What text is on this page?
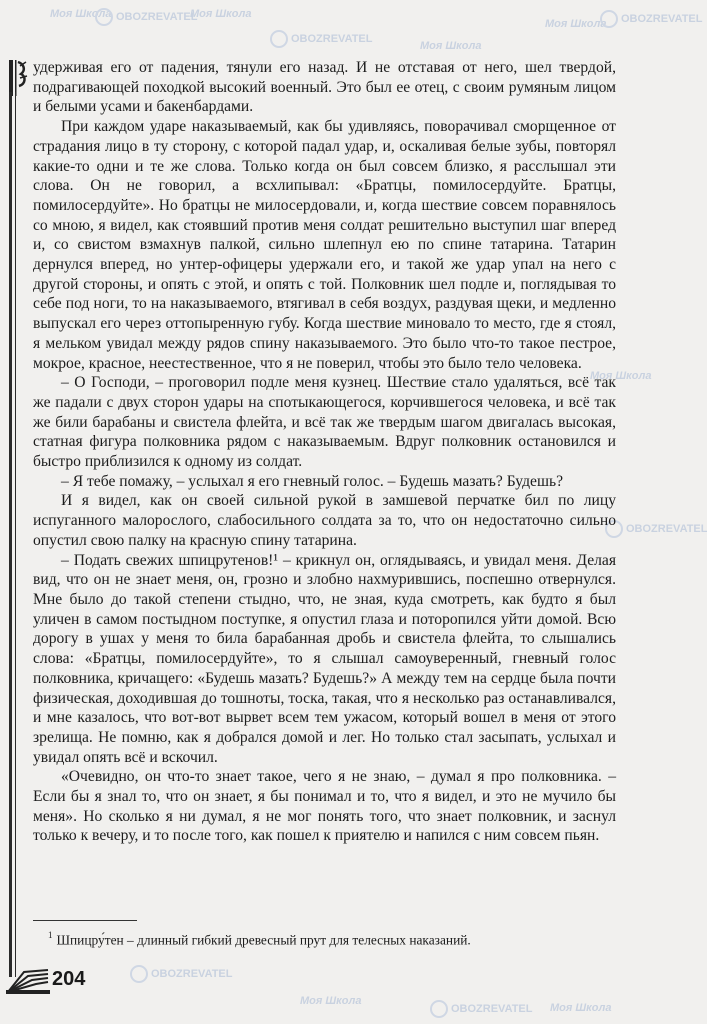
Моя Школа OBOZREVATEL
Моя Школа
OBOZREVATEL
Моя Школа
Моя Школа	OBOZREVATEL
Моя Школа
OBOZREVATEL
OBOZREVATEL
Моя Школа
OBOZREVATEL Моя Школа

удерживая его от падения, тянули его назад. И не отставая от него, шел твердой, подрагивающей походкой высокий военный. Это был ее отец, с своим румяным лицом и белыми усами и бакенбардами.

При каждом ударе наказываемый, как бы удивляясь, поворачивал сморщенное от страдания лицо в ту сторону, с которой падал удар, и, оскаливая белые зубы, повторял какие-то одни и те же слова. Только когда он был совсем близко, я расслышал эти слова. Он не говорил, а всхлипывал: «Братцы, помилосердуйте. Братцы, помилосердуйте». Но братцы не милосердовали, и, когда шествие совсем поравнялось со мною, я видел, как стоявший против меня солдат решительно выступил шаг вперед и, со свистом взмахнув палкой, сильно шлепнул ею по спине татарина. Татарин дернулся вперед, но унтер-офицеры удержали его, и такой же удар упал на него с другой стороны, и опять с этой, и опять с той. Полковник шел подле и, поглядывая то себе под ноги, то на наказываемого, втягивал в себя воздух, раздувая щеки, и медленно выпускал его через оттопыренную губу. Когда шествие миновало то место, где я стоял, я мельком увидал между рядов спину наказываемого. Это было что-то такое пестрое, мокрое, красное, неестественное, что я не поверил, чтобы это было тело человека.

– О Господи, – проговорил подле меня кузнец. Шествие стало удаляться, всё так же падали с двух сторон удары на спотыкающегося, корчившегося человека, и всё так же били барабаны и свистела флейта, и всё так же твердым шагом двигалась высокая, статная фигура полковника рядом с наказываемым. Вдруг полковник остановился и быстро приблизился к одному из солдат.

– Я тебе помажу, – услыхал я его гневный голос. – Будешь мазать? Будешь?

И я видел, как он своей сильной рукой в замшевой перчатке бил по лицу испуганного малорослого, слабосильного солдата за то, что он недостаточно сильно опустил свою палку на красную спину татарина.

– Подать свежих шпицрутенов!¹ – крикнул он, оглядываясь, и увидал меня. Делая вид, что он не знает меня, он, грозно и злобно нахмурившись, поспешно отвернулся. Мне было до такой степени стыдно, что, не зная, куда смотреть, как будто я был уличен в самом постыдном поступке, я опустил глаза и поторопился уйти домой. Всю дорогу в ушах у меня то била барабанная дробь и свистела флейта, то слышались слова: «Братцы, помилосердуйте», то я слышал самоуверенный, гневный голос полковника, кричащего: «Будешь мазать? Будешь?» А между тем на сердце была почти физическая, доходившая до тошноты, тоска, такая, что я несколько раз останавливался, и мне казалось, что вот-вот вырвет всем тем ужасом, который вошел в меня от этого зрелища. Не помню, как я добрался домой и лег. Но только стал засыпать, услыхал и увидал опять всё и вскочил.

«Очевидно, он что-то знает такое, чего я не знаю, – думал я про полковника. – Если бы я знал то, что он знает, я бы понимал и то, что я видел, и это не мучило бы меня». Но сколько я ни думал, я не мог понять того, что знает полковник, и заснул только к вечеру, и то после того, как пошел к приятелю и напился с ним совсем пьян.

$^1$ Шпицру́тен – длинный гибкий древесный прут для телесных наказаний.
204
